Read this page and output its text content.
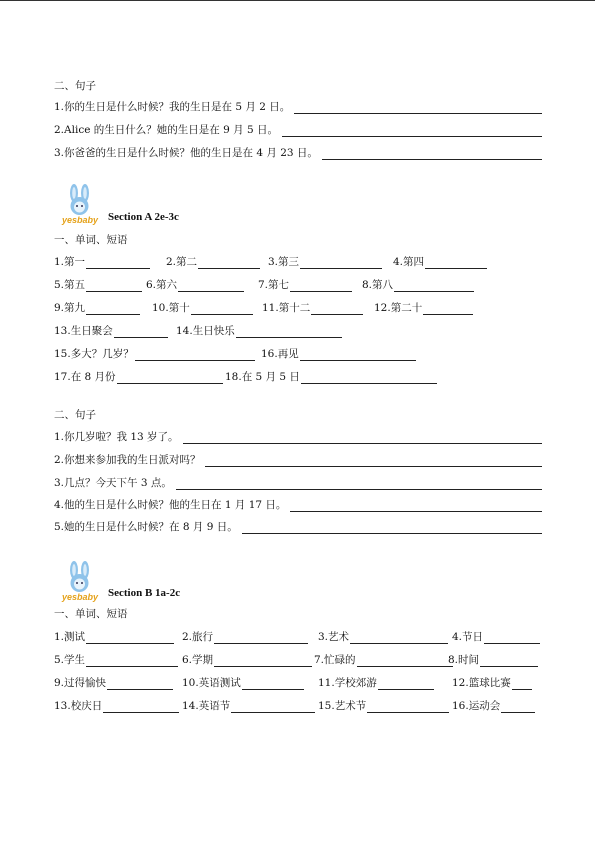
二、句子
1.你的生日是什么时候？我的生日是在 5 月 2 日。
2.Alice 的生日什么？她的生日是在 9 月 5 日。
3.你爸爸的生日是什么时候？他的生日是在 4 月 23 日。
yesbaby Section A 2e-3c
一、单词、短语
1.第一	2.第二	3.第三	4.第四
5.第五	6.第六	7.第七	8.第八
9.第九	10.第十	11.第十二	12.第二十
13.生日聚会	14.生日快乐
15.多大？几岁？	16.再见
17.在 8 月份	18.在 5 月 5 日
二、句子
1.你几岁啦？我 13 岁了。
2.你想来参加我的生日派对吗？
3.几点？今天下午 3 点。
4.他的生日是什么时候？他的生日在 1 月 17 日。
5.她的生日是什么时候？在 8 月 9 日。
yesbaby Section B 1a-2c
一、单词、短语
1.测试	2.旅行	3.艺术	4.节日
5.学生	6.学期	7.忙碌的	8.时间
9.过得愉快	10.英语测试	11.学校郊游	12.篮球比赛
13.校庆日	14.英语节	15.艺术节	16.运动会
